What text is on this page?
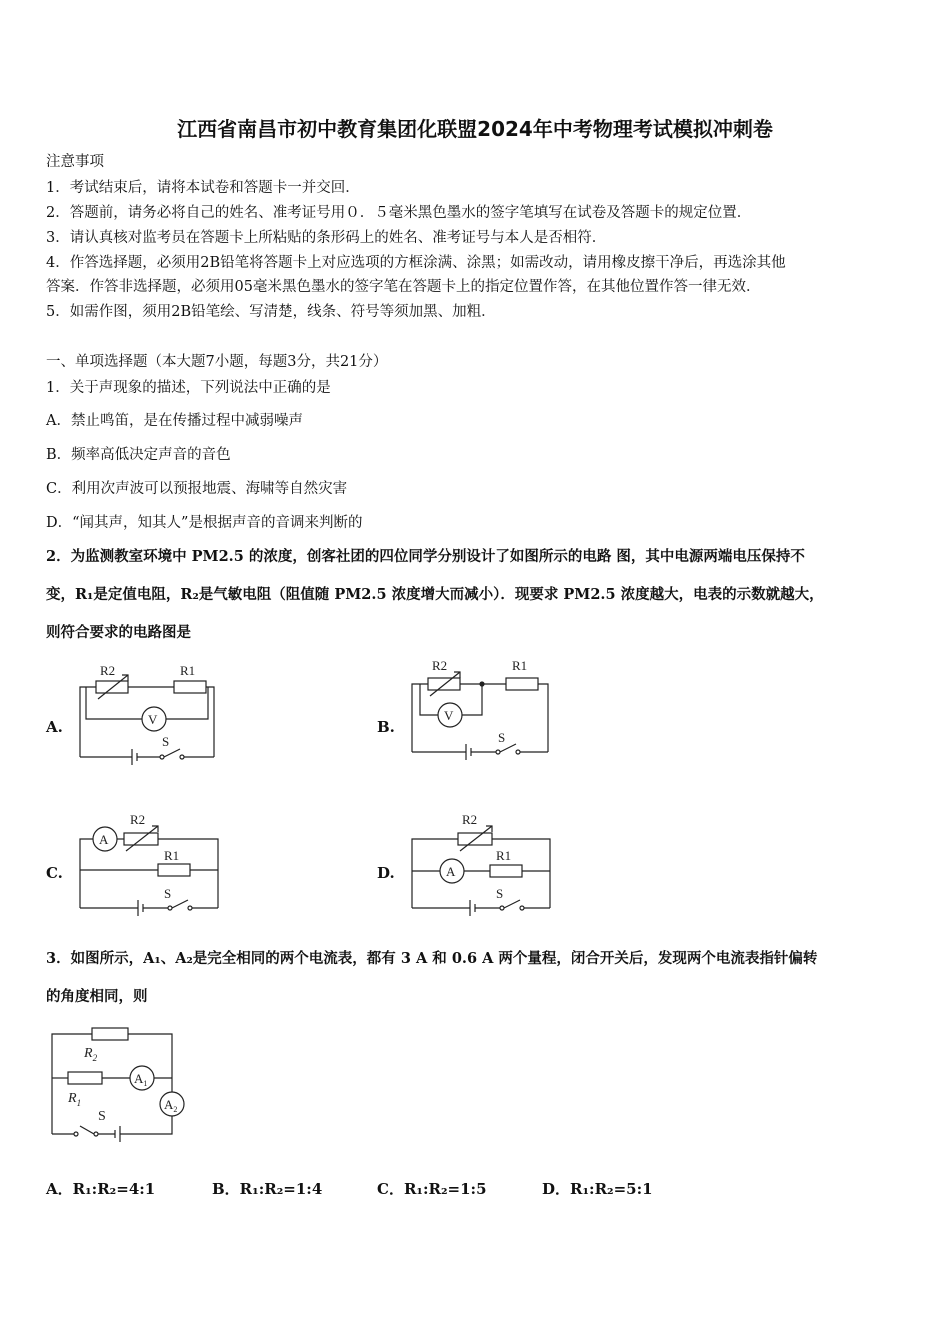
江西省南昌市初中教育集团化联盟2024年中考物理考试模拟冲刺卷
注意事项
1．考试结束后，请将本试卷和答题卡一并交回．
2．答题前，请务必将自己的姓名、准考证号用０．５毫米黑色墨水的签字笔填写在试卷及答题卡的规定位置．
3．请认真核对监考员在答题卡上所粘贴的条形码上的姓名、准考证号与本人是否相符．
4．作答选择题，必须用2B铅笔将答题卡上对应选项的方框涂满、涂黑；如需改动，请用橡皮擦干净后，再选涂其他
答案．作答非选择题，必须用05毫米黑色墨水的签字笔在答题卡上的指定位置作答，在其他位置作答一律无效．
5．如需作图，须用2B铅笔绘、写清楚，线条、符号等须加黑、加粗．
一、单项选择题（本大题7小题，每题3分，共21分）
1．关于声现象的描述，下列说法中正确的是
A．禁止鸣笛，是在传播过程中减弱噪声
B．频率高低决定声音的音色
C．利用次声波可以预报地震、海啸等自然灾害
D．“闻其声，知其人”是根据声音的音调来判断的
2．为监测教室环境中 PM2.5 的浓度，创客社团的四位同学分别设计了如图所示的电路 图，其中电源两端电压保持不
变，R₁是定值电阻，R₂是气敏电阻（阻值随 PM2.5 浓度增大而减小）．现要求 PM2.5 浓度越大，电表的示数就越大，
则符合要求的电路图是
A.	B.
C.	D.
R2	R1
V
S
R2	R1
V
S
R2
A
R1
S
R2
A
R1
S
3．如图所示，A₁、A₂是完全相同的两个电流表，都有 3 A 和 0.6 A 两个量程，闭合开关后，发现两个电流表指针偏转
的角度相同，则
$R_2$
$A_1$
$R_1$	$A_2$
S
A．R₁:R₂=4:1	B．R₁:R₂=1:4	C．R₁:R₂=1:5	D．R₁:R₂=5:1
